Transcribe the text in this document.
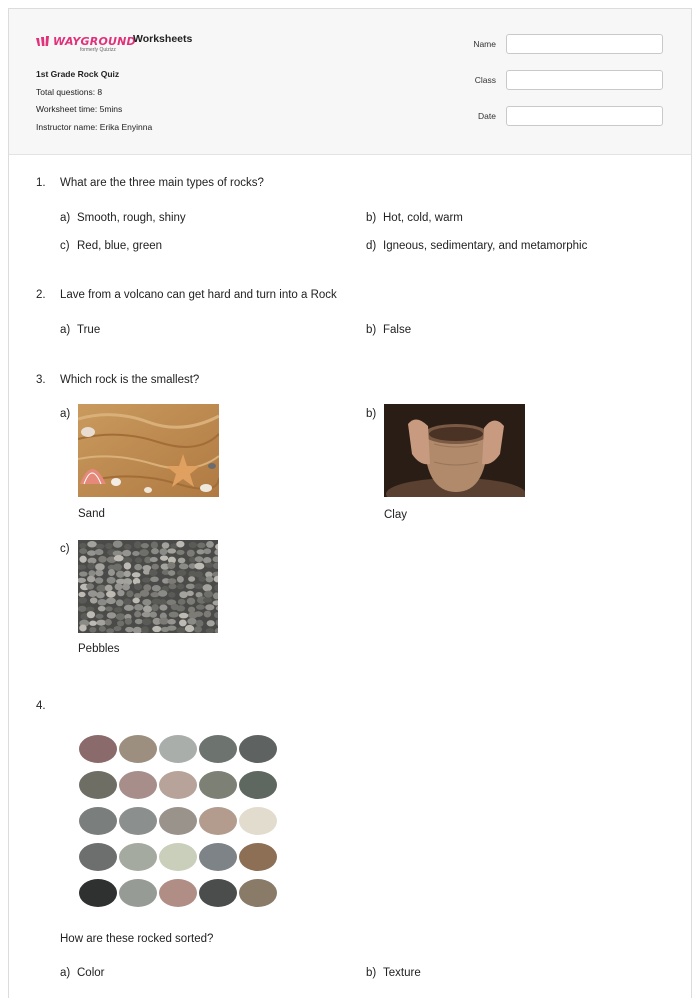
WAYGROUND
formerly Quizizz
Worksheets
1st Grade Rock Quiz
Total questions: 8
Worksheet time: 5mins
Instructor name: Erika Enyinna
Name
Class
Date
1. What are the three main types of rocks?
a) Smooth, rough, shiny	b) Hot, cold, warm
c) Red, blue, green	d) Igneous, sedimentary, and metamorphic
2. Lave from a volcano can get hard and turn into a Rock
a) True	b) False
3. Which rock is the smallest?
a)
Sand
b)
Clay
c)
Pebbles
4.
How are these rocked sorted?
a) Color	b) Texture
